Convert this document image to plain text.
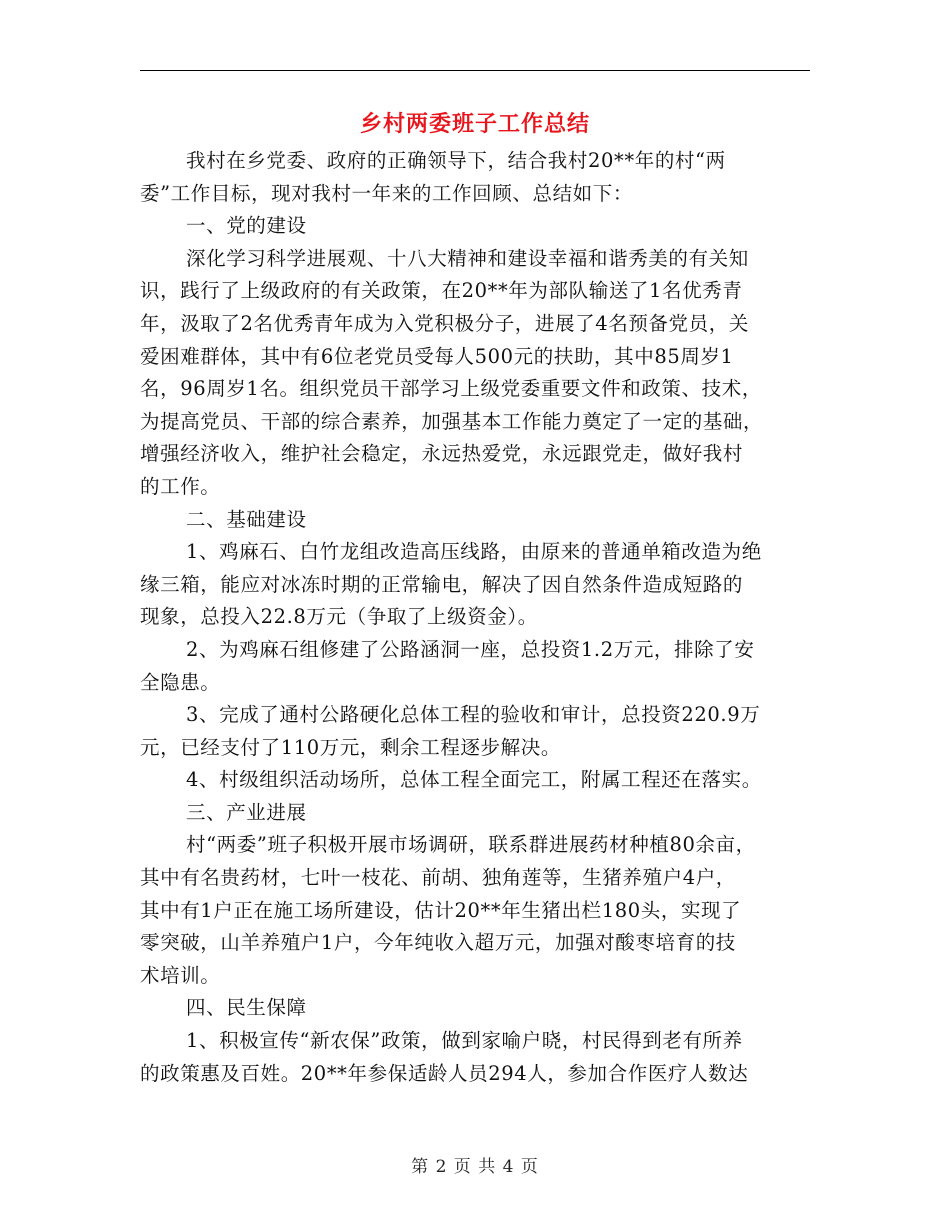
乡村两委班子工作总结
我村在乡党委、政府的正确领导下，结合我村20**年的村“两
委”工作目标，现对我村一年来的工作回顾、总结如下：
一、党的建设
深化学习科学进展观、十八大精神和建设幸福和谐秀美的有关知
识，践行了上级政府的有关政策，在20**年为部队输送了1名优秀青
年，汲取了2名优秀青年成为入党积极分子，进展了4名预备党员，关
爱困难群体，其中有6位老党员受每人500元的扶助，其中85周岁1
名，96周岁1名。组织党员干部学习上级党委重要文件和政策、技术，
为提高党员、干部的综合素养，加强基本工作能力奠定了一定的基础，
增强经济收入，维护社会稳定，永远热爱党，永远跟党走，做好我村
的工作。
二、基础建设
1、鸡麻石、白竹龙组改造高压线路，由原来的普通单箱改造为绝
缘三箱，能应对冰冻时期的正常输电，解决了因自然条件造成短路的
现象，总投入22.8万元（争取了上级资金）。
2、为鸡麻石组修建了公路涵洞一座，总投资1.2万元，排除了安
全隐患。
3、完成了通村公路硬化总体工程的验收和审计，总投资220.9万
元，已经支付了110万元，剩余工程逐步解决。
4、村级组织活动场所，总体工程全面完工，附属工程还在落实。
三、产业进展
村“两委”班子积极开展市场调研，联系群进展药材种植80余亩，
其中有名贵药材，七叶一枝花、前胡、独角莲等，生猪养殖户4户，
其中有1户正在施工场所建设，估计20**年生猪出栏180头，实现了
零突破，山羊养殖户1户，今年纯收入超万元，加强对酸枣培育的技
术培训。
四、民生保障
1、积极宣传“新农保”政策，做到家喻户晓，村民得到老有所养
的政策惠及百姓。20**年参保适龄人员294人，参加合作医疗人数达
第 2 页 共 4 页
